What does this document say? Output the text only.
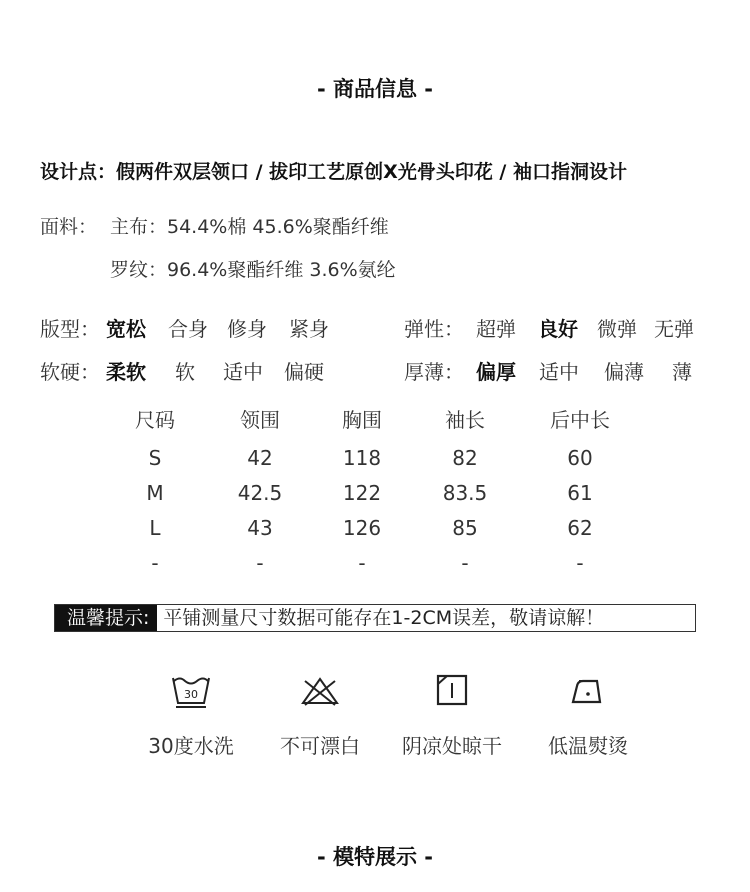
- 商品信息 -
设计点：假两件双层领口 / 拔印工艺原创X光骨头印花 / 袖口指洞设计
面料： 主布：54.4%棉 45.6%聚酯纤维
罗纹：96.4%聚酯纤维 3.6%氨纶
版型： 宽松 合身 修身 紧身	弹性： 超弹 良好 微弹 无弹
软硬： 柔软 软 适中 偏硬	厚薄： 偏厚 适中 偏薄 薄
尺码	领围	胸围	袖长	后中长
S	42	118	82	60
M	42.5	122	83.5	61
L	43	126	85	62
-	-	-	-	-
温馨提示: 平铺测量尺寸数据可能存在1-2CM误差，敬请谅解！
30
30度水洗	不可漂白	阴凉处晾干	低温熨烫
- 模特展示 -
